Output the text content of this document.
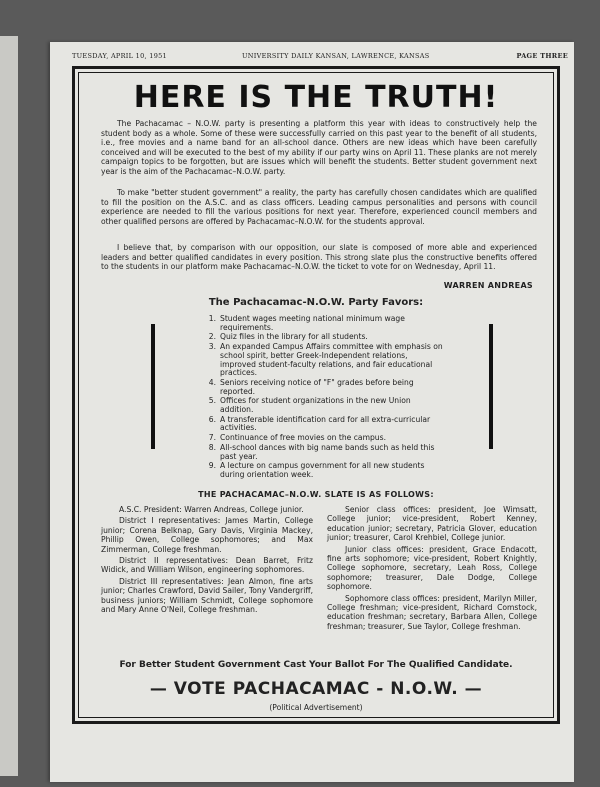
TUESDAY, APRIL 10, 1951	UNIVERSITY DAILY KANSAN, LAWRENCE, KANSAS	PAGE THREE
HERE IS THE TRUTH!
The Pachacamac – N.O.W. party is presenting a platform this year with ideas to constructively help the student body as a whole. Some of these were successfully carried on this past year to the benefit of all students, i.e., free movies and a name band for an all-school dance. Others are new ideas which have been carefully conceived and will be executed to the best of my ability if our party wins on April 11. These planks are not merely campaign topics to be forgotten, but are issues which will benefit the students. Better student government next year is the aim of the Pachacamac–N.O.W. party.
To make "better student government" a reality, the party has carefully chosen candidates which are qualified to fill the position on the A.S.C. and as class officers. Leading campus personalities and persons with council experience are needed to fill the various positions for next year. Therefore, experienced council members and other qualified persons are offered by Pachacamac–N.O.W. for the students approval.
I believe that, by comparison with our opposition, our slate is composed of more able and experienced leaders and better qualified candidates in every position. This strong slate plus the constructive benefits offered to the students in our platform make Pachacamac–N.O.W. the ticket to vote for on Wednesday, April 11.
WARREN ANDREAS
The Pachacamac-N.O.W. Party Favors:
1. Student wages meeting national minimum wage requirements.
2. Quiz files in the library for all students.
3. An expanded Campus Affairs committee with emphasis on school spirit, better Greek-Independent relations, improved student-faculty relations, and fair educational practices.
4. Seniors receiving notice of "F" grades before being reported.
5. Offices for student organizations in the new Union addition.
6. A transferable identification card for all extra-curricular activities.
7. Continuance of free movies on the campus.
8. All-school dances with big name bands such as held this past year.
9. A lecture on campus government for all new students during orientation week.
THE PACHACAMAC–N.O.W. SLATE IS AS FOLLOWS:

A.S.C. President: Warren Andreas, College junior.

District I representatives: James Martin, College junior; Corena Belknap, Gary Davis, Virginia Mackey, Phillip Owen, College sophomores; and Max Zimmerman, College freshman.

District II representatives: Dean Barret, Fritz Widick, and William Wilson, engineering sophomores.

District III representatives: Jean Almon, fine arts junior; Charles Crawford, David Sailer, Tony Vandergriff, business juniors; William Schmidt, College sophomore and Mary Anne O'Neil, College freshman.

Senior class offices: president, Joe Wimsatt, College junior; vice-president, Robert Kenney, education junior; secretary, Patricia Glover, education junior; treasurer, Carol Krehbiel, College junior.

Junior class offices: president, Grace Endacott, fine arts sophomore; vice-president, Robert Knightly, College sophomore, secretary, Leah Ross, College sophomore; treasurer, Dale Dodge, College sophomore.

Sophomore class offices: president, Marilyn Miller, College freshman; vice-president, Richard Comstock, education freshman; secretary, Barbara Allen, College freshman; treasurer, Sue Taylor, College freshman.

For Better Student Government Cast Your Ballot For The Qualified Candidate.
— VOTE PACHACAMAC - N.O.W. —
(Political Advertisement)
